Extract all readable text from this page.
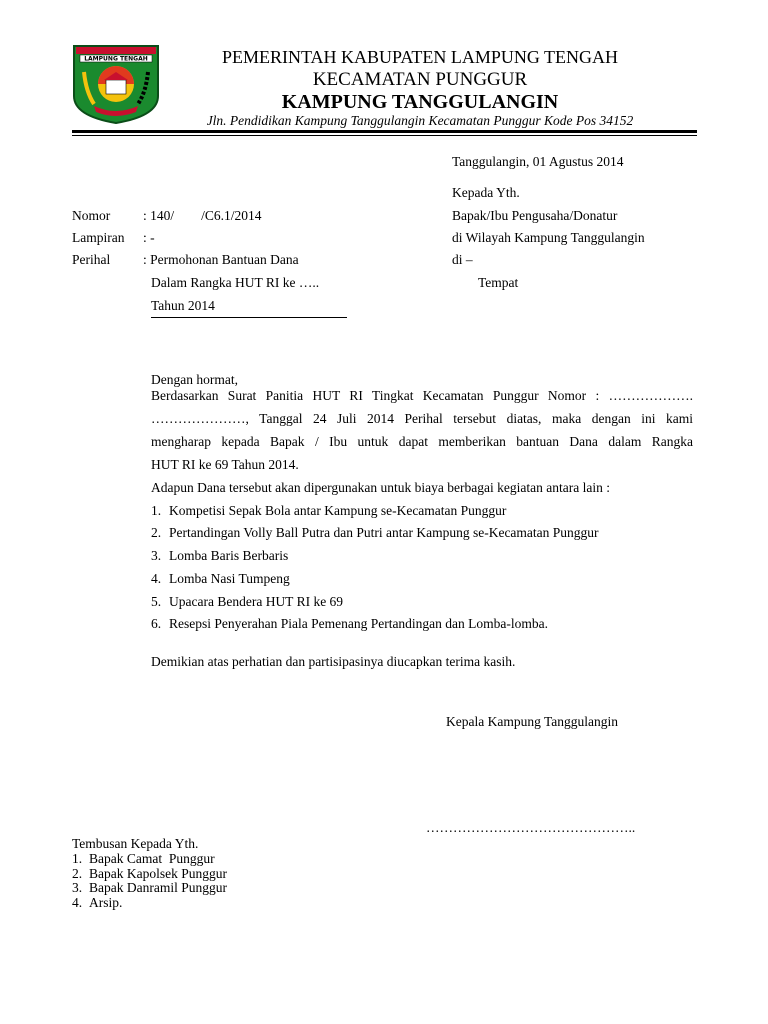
LAMPUNG TENGAH	PEMERINTAH KABUPATEN LAMPUNG TENGAH
KECAMATAN PUNGGUR
KAMPUNG TANGGULANGIN
Jln. Pendidikan Kampung Tanggulangin Kecamatan Punggur Kode Pos 34152
Tanggulangin, 01 Agustus 2014
Kepada Yth.
Bapak/Ibu Pengusaha/Donatur
di Wilayah Kampung Tanggulangin
di –
Tempat
Nomor : 140/        /C6.1/2014
Lampiran : -
Perihal : Permohonan Bantuan Dana
Dalam Rangka HUT RI ke …..
Tahun 2014
Dengan hormat,
Berdasarkan Surat Panitia HUT RI Tingkat Kecamatan Punggur Nomor : ……………….
…………………, Tanggal 24 Juli 2014 Perihal tersebut diatas, maka dengan ini kami
mengharap kepada Bapak / Ibu untuk dapat memberikan bantuan Dana dalam Rangka
HUT RI ke 69 Tahun 2014.
Adapun Dana tersebut akan dipergunakan untuk biaya berbagai kegiatan antara lain :
1. Kompetisi Sepak Bola antar Kampung se-Kecamatan Punggur
2. Pertandingan Volly Ball Putra dan Putri antar Kampung se-Kecamatan Punggur
3. Lomba Baris Berbaris
4. Lomba Nasi Tumpeng
5. Upacara Bendera HUT RI ke 69
6. Resepsi Penyerahan Piala Pemenang Pertandingan dan Lomba-lomba.
Demikian atas perhatian dan partisipasinya diucapkan terima kasih.
Kepala Kampung Tanggulangin
………………………………………..
Tembusan Kepada Yth.
1. Bapak Camat  Punggur
2. Bapak Kapolsek Punggur
3. Bapak Danramil Punggur
4. Arsip.
